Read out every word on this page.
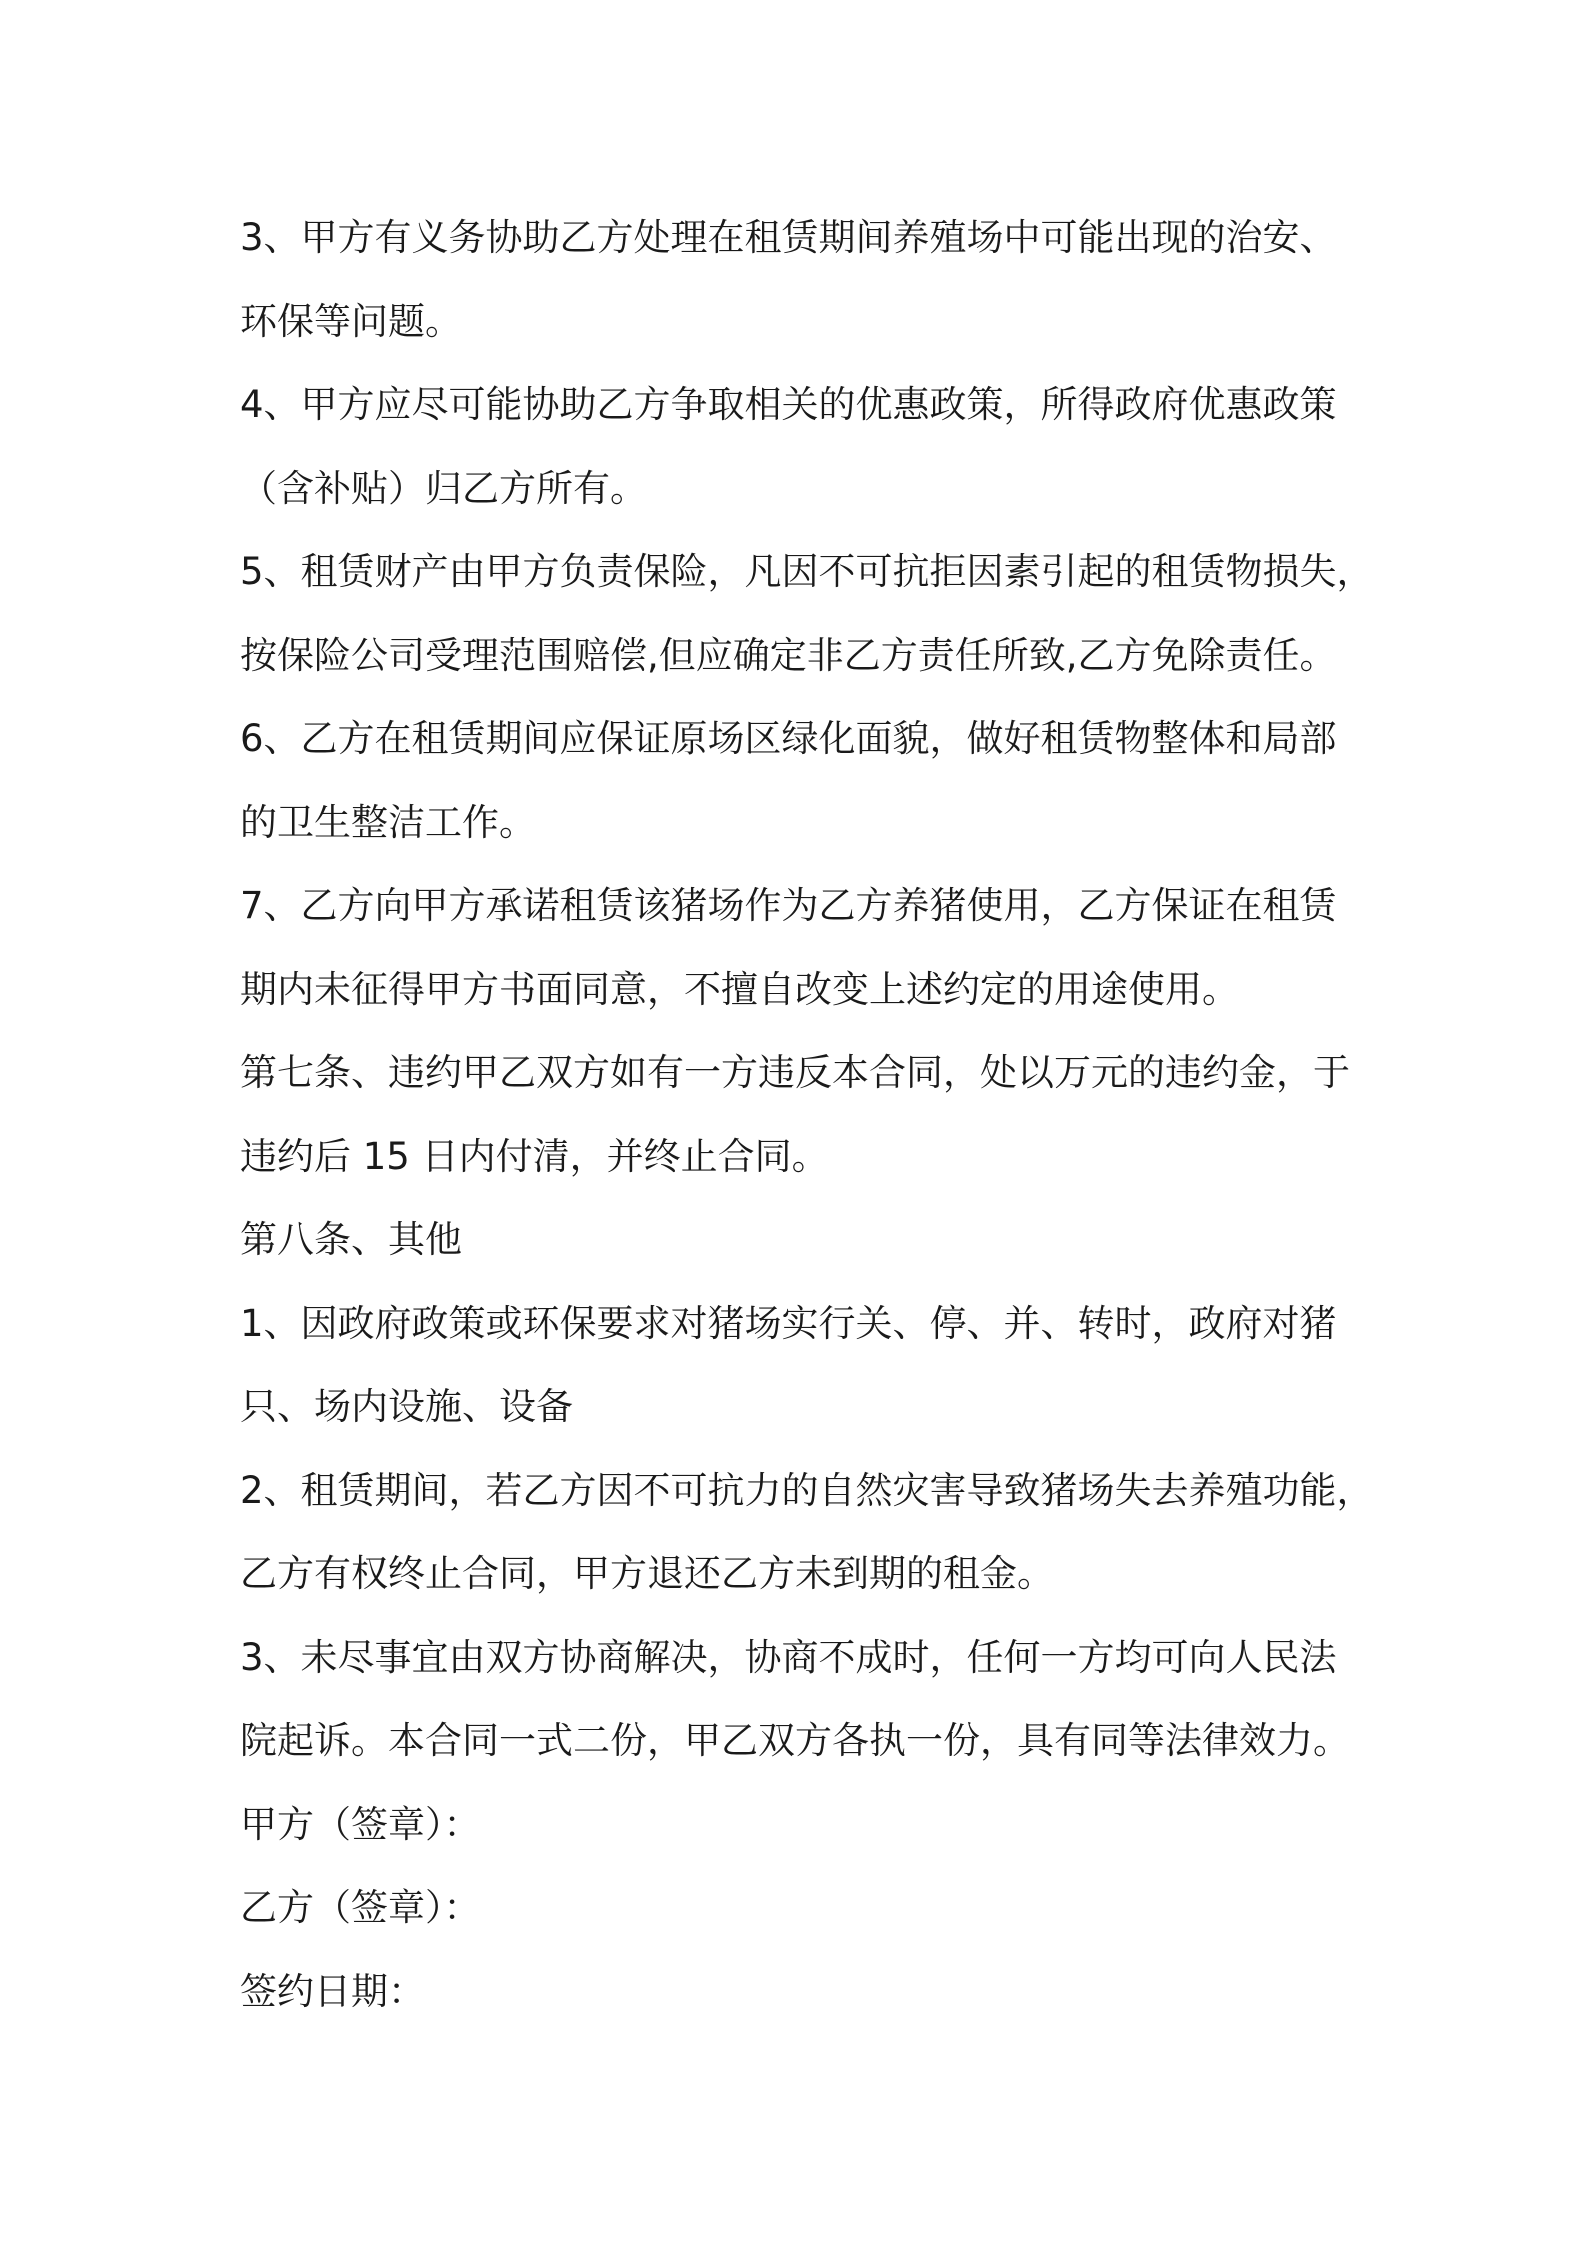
3、甲方有义务协助乙方处理在租赁期间养殖场中可能出现的治安、

环保等问题。

4、甲方应尽可能协助乙方争取相关的优惠政策，所得政府优惠政策

（含补贴）归乙方所有。

5、租赁财产由甲方负责保险，凡因不可抗拒因素引起的租赁物损失，

按保险公司受理范围赔偿,但应确定非乙方责任所致,乙方免除责任。

6、乙方在租赁期间应保证原场区绿化面貌，做好租赁物整体和局部

的卫生整洁工作。

7、乙方向甲方承诺租赁该猪场作为乙方养猪使用，乙方保证在租赁

期内未征得甲方书面同意，不擅自改变上述约定的用途使用。

第七条、违约甲乙双方如有一方违反本合同，处以万元的违约金，于

违约后 15 日内付清，并终止合同。

第八条、其他

1、因政府政策或环保要求对猪场实行关、停、并、转时，政府对猪

只、场内设施、设备

2、租赁期间，若乙方因不可抗力的自然灾害导致猪场失去养殖功能，

乙方有权终止合同，甲方退还乙方未到期的租金。

3、未尽事宜由双方协商解决，协商不成时，任何一方均可向人民法

院起诉。本合同一式二份，甲乙双方各执一份，具有同等法律效力。

甲方（签章）：

乙方（签章）：

签约日期：
